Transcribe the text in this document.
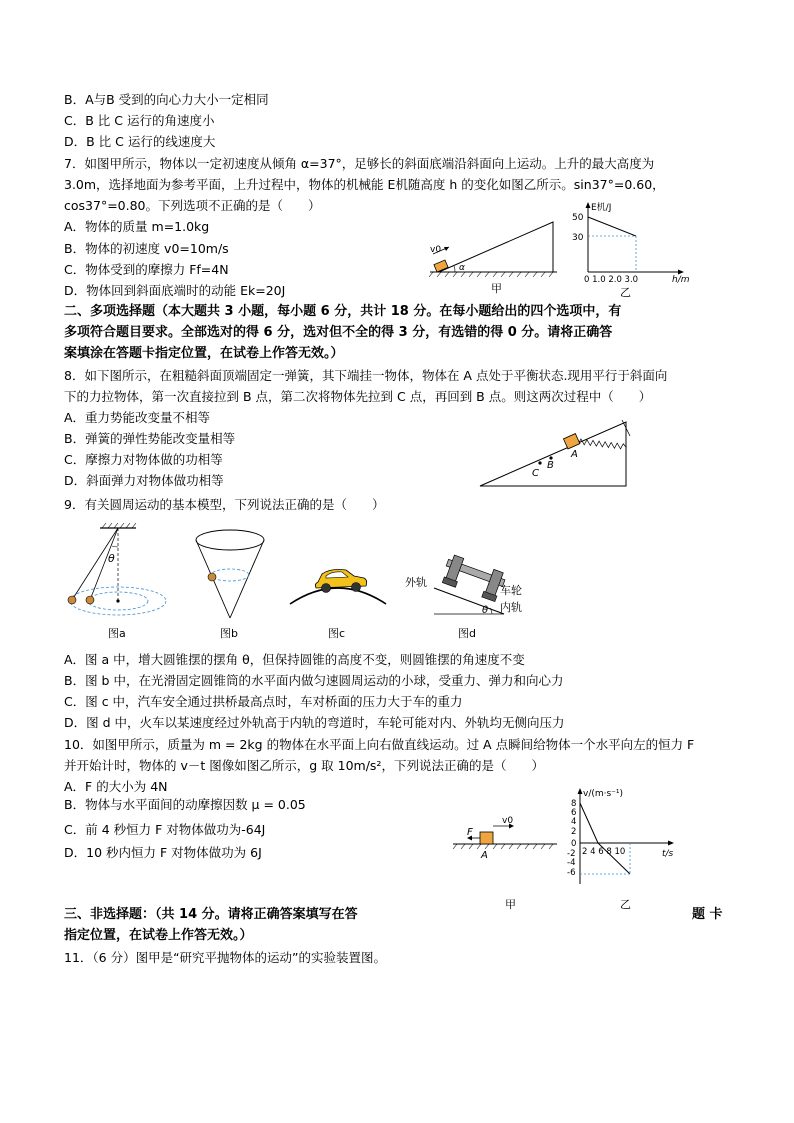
B．A与B 受到的向心力大小一定相同
C．B 比 C 运行的角速度小
D．B 比 C 运行的线速度大
7．如图甲所示，物体以一定初速度从倾角 α=37°，足够长的斜面底端沿斜面向上运动。上升的最大高度为
3.0m，选择地面为参考平面，上升过程中，物体的机械能 E机随高度 h 的变化如图乙所示。sin37°=0.60，
cos37°=0.80。下列选项不正确的是（　　）
A．物体的质量 m=1.0kg
B．物体的初速度 v0=10m/s
C．物体受到的摩擦力 Ff=4N
D．物体回到斜面底端时的动能 Ek=20J
v0
α
甲
E机/J
50
30
0 1.0 2.0 3.0	h/m
乙
二、多项选择题（本大题共 3 小题，每小题 6 分，共计 18 分。在每小题给出的四个选项中，有
多项符合题目要求。全部选对的得 6 分，选对但不全的得 3 分，有选错的得 0 分。请将正确答
案填涂在答题卡指定位置，在试卷上作答无效。）
8．如下图所示，在粗糙斜面顶端固定一弹簧，其下端挂一物体，物体在 A 点处于平衡状态.现用平行于斜面向
下的力拉物体，第一次直接拉到 B 点，第二次将物体先拉到 C 点，再回到 B 点。则这两次过程中（　　）
A．重力势能改变量不相等
B．弹簧的弹性势能改变量相等
C．摩擦力对物体做的功相等
D．斜面弹力对物体做功相等	C
B
A
9．有关圆周运动的基本模型，下列说法正确的是（　　）
θ
图a	图b	图c
θ
外轨
车轮
内轨
图d
A．图 a 中，增大圆锥摆的摆角 θ，但保持圆锥的高度不变，则圆锥摆的角速度不变
B．图 b 中，在光滑固定圆锥筒的水平面内做匀速圆周运动的小球，受重力、弹力和向心力
C．图 c 中，汽车安全通过拱桥最高点时，车对桥面的压力大于车的重力
D．图 d 中，火车以某速度经过外轨高于内轨的弯道时，车轮可能对内、外轨均无侧向压力
10．如图甲所示，质量为 m = 2kg 的物体在水平面上向右做直线运动。过 A 点瞬间给物体一个水平向左的恒力 F
并开始计时，物体的 v－t 图像如图乙所示，g 取 10m/s²，下列说法正确的是（　　）
A．F 的大小为 4N
B．物体与水平面间的动摩擦因数 μ = 0.05
C．前 4 秒恒力 F 对物体做功为-64J
D．10 秒内恒力 F 对物体做功为 6J
F
v0
A
甲
v/(m·s⁻¹)
8
6
4
2
0
-2
-4
-6
2 4 6 8 10	t/s
乙
三、非选择题：（共 14 分。请将正确答案填写在答	题 卡
指定位置，在试卷上作答无效。）
11．（6 分）图甲是“研究平抛物体的运动”的实验装置图。
